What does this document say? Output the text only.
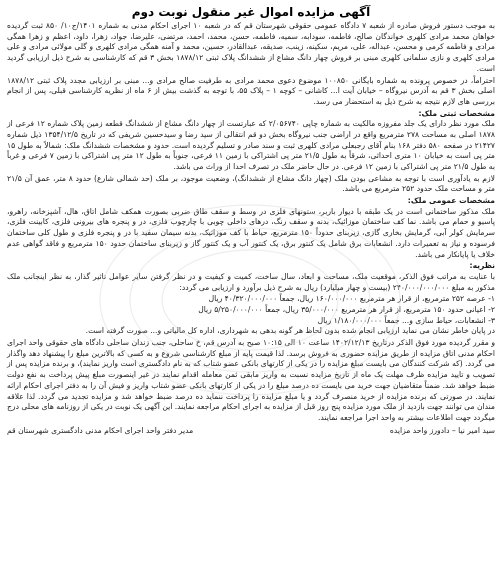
آگهی مزایده اموال غیر منقول نوبت دوم

به موجب دستور فروش صادره از شعبه ۷ دادگاه عمومی حقوقی شهرستان قم که در شعبه ۱۰ اجرای احکام مدنی به شماره ۱۴۰۱/ج۱۰/ ۸۵۰ ثبت گردیده خواهان محمد مرادی کلهری خواندگان صالح، فاطمه، سودابه، سمیه، فاطمه، حسن، محمد، احمد، مرتضی، علیرضا، جواد، زهرا، داود، اعظم و زهرا همگی مرادی و فاطمه کرمی و محسن، عبداله، علی، مریم، سکینه، زینب، صدیقه، عبدالقادر، حسین، محمد و آمنه همگی مرادی کلهری و گلی مولائی مرادی و علی مرادی کلهری و نازی سلمانی کلهری مبنی بر فروش چهار دانگ مشاع از ششدانگ پلاک ثبتی ۱۸۷۸/۱۲ بخش ۳ قم که کارشناسی به شرح ذیل ارزیابی گردید است.

احتراماً، در خصوص پرونده به شماره بایگانی ۱۰۰۸۵۰ موضوع دعوی محمد مرادی به طرفیت صالح مرادی و... مبنی بر ارزیابی مجدد پلاک ثبتی ۱۸۷۸/۱۲ اصلی بخش ۳ قم به آدرس نیروگاه – خیابان آیت ا... کاشانی – کوچه ۱ – پلاک ۵۵، با توجه به گذشت بیش از ۶ ماه از نظریه کارشناسی قبلی، پس از انجام بررسی های لازم نتیجه به شرح ذیل به استحضار می رسد.

مشخصات ثبتی ملک:

ملک مورد نظر دارای یک جلد مفروزه مالکیت به شماره چاپی ۲/۰۵۶۷۴۰ که عبارتست از چهار دانگ مشاع از ششدانگ قطعه زمین پلاک شماره ۱۲ فرعی از ۱۸۷۸ اصلی به مساحت ۲۷۸ مترمربع واقع در اراضی جنب نیروگاه بخش دو قم انتقالی از سید رضا و سیدحسین شریفی که در تاریخ ۱۳۵۴/۱۲/۵ ذیل شماره ۲۱۴۲۷ در صفحه ۵۸۰ دفتر ۱۶۸ بنام آقای رجبعلی مرادی کلهری ثبت و سند صادر و تسلیم گردیده است. حدود و مشخصات ششدانگ ملک: شمالاً به طول ۱۵ متر پی است به خیابان ۱۰ متری احداثی، شرقاً به طول ۲۱/۵ متر پی اشتراکی با زمین ۱۱ فرعی، جنوباً به طول ۱۲ متر پی اشتراکی با زمین ۷ فرعی و غرباً به طول ۲۱/۵ متر پی اشتراکی با زمین ۱۲ فرعی. در حال حاضر ملک در تصرف احدا از وراث می باشد.

لازم به یادآوری است با توجه به مشاعی بودن ملک (چهار دانگ مشاع از ششدانگ)، وضعیت موجود، بر ملک (حد شمالی شارع) حدود ۸ متر، عمق آن ۲۱/۵ متر و مساحت ملک حدود ۲۵۲ مترمربع می باشد.

مشخصات عمومی ملک:

ملک مذکور ساختمانی است در یک طبقه با دیوار باربر، ستونهای فلزی در وسط و سقف طاق ضربی بصورت همکف شامل اتاق، هال، آشپزخانه، راهرو، پاسیو و حمام می باشد. نما کف ساختمان موزائیک، بدنه و سقف رنگ، درهای داخلی چوبی با چارچوب فلزی، در و پنجره های بیرونی فلزی، کابینت فلزی، سرمایش کولر آبی، گرمایش بخاری گازی، زیربنای حدوداً ۱۵۰ مترمربع، حیاط با کف موزائیک، بدنه سیمان سفید با در و پنجره فلزی و طول کلی ساختمان فرسوده و نیاز به تعمیرات دارد. انشعابات برق شامل یک کنتور برق، یک کنتور آب و یک کنتور گاز و زیربنای ساختمان حدود ۱۵۰ مترمربع و فاقد گواهی عدم خلاف یا پایانکار می باشد.

نظریه:

با عنایت به مراتب فوق الذکر، موقعیت ملک، مساحت و ابعاد، سال ساخت، کمیت و کیفیت و در نظر گرفتن سایر عوامل تاثیر گذار، به نظر اینجانب ملک مذکور به مبلغ ۲۴۰/۰۰۰/۰۰۰/۰۰۰ (بیست و چهار میلیارد) ریال به شرح ذیل برآورد و ارزیابی می گردد:

۱- عرصه ۲۵۲ مترمربع، از قرار هر مترمربع ۱۶۰/۰۰۰/۰۰۰ ریال، جمعاً ۴۰/۳۲۰/۰۰۰/۰۰۰ ریال

۲- اعیانی حدود ۱۵۰ مترمربع، از قرار هر مترمربع ۳۵/۰۰۰/۰۰۰ ریال، جمعاً ۵/۲۵۰/۰۰۰/۰۰۰ ریال

۳- انشعابات، حیاط سازی و... جمعاً ۱/۱۸۰/۰۰۰/۰۰۰ ریال

در پایان خاطر نشان می نماید ارزیابی انجام شده بدون لحاظ هر گونه بدهی به شهرداری، اداره کل مالیاتی و... صورت گرفته است.

و مقرر گردیده مورد فوق الذکر درتاریخ ۱۴۰۲/۱۲/۱۳ ساعت ۱۰ الی ۱۰:۱۵ صبح به آدرس قم، خ ساحلی، جنب زندان ساحلی دادگاه های حقوقی واحد اجرای احکام مدنی اتاق مزایده از طریق مزایده حضوری به فروش برسد. لذا قیمت پایه از مبلغ کارشناسی شروع و به کسی که بالاترین مبلغ را پیشنهاد دهد واگذار می گردد. (که شرکت کنندگان می بایست مبلغ مزایده را در یکی از کارتهای بانکی عضو شتاب که به نام دادگستری است واریز نمایند)، و برنده مزایده پس از تصویب و تایید مزایده ظرف مهلت یک ماه از تاریخ مزایده نسبت به واریز مابقی ثمن معامله اقدام نمایند در غیر اینصورت مبلغ پیش پرداخت به نفع دولت ضبط خواهد شد. ضمناً متقاضیان جهت خرید می بایست ده درصد مبلغ را در یکی از کارتهای بانکی عضو شتاب واریز و فیش آن را به دفتر اجرای احکام ارائه نمایند. در صورتی که برنده مزایده از خرید منصرف گردد و یا مبلغ مزایده را پرداخت ننماید ده درصد ضبط خواهد شد و مزایده تجدید می گردد. لذا علاقه مندان می توانند جهت بازدید از ملک مورد مزایده پنج روز قبل از مزایده به اجرای احکام مراجعه نمایند. این آگهی یک نوبت در یکی از روزنامه های محلی درج میگردد جهت اطلاعات بیشتر به واحد اجرا مراجعه نمایند.

سید امیر نیا – دادورز واحد مزایده
مدیر دفتر واحد اجرای احکام مدنی دادگستری شهرستان قم
